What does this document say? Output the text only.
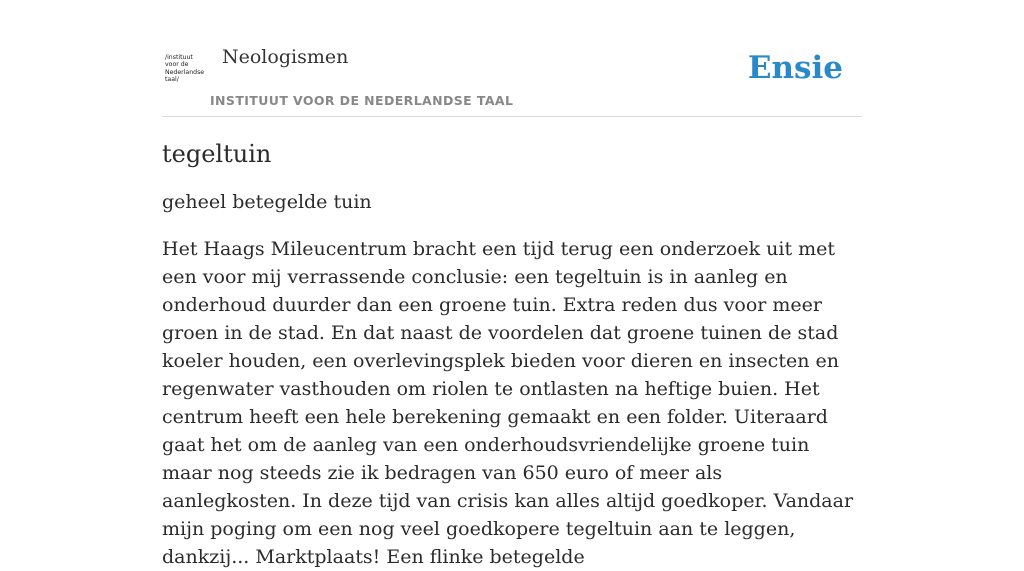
/instituut
voor de
Nederlandse
taal/
Neologismen
INSTITUUT VOOR DE NEDERLANDSE TAAL
Ensie
tegeltuin

geheel betegelde tuin

Het Haags Mileucentrum bracht een tijd terug een onderzoek uit met een voor mij verrassende conclusie: een tegeltuin is in aanleg en onderhoud duurder dan een groene tuin. Extra reden dus voor meer groen in de stad. En dat naast de voordelen dat groene tuinen de stad koeler houden, een overlevingsplek bieden voor dieren en insecten en regenwater vasthouden om riolen te ontlasten na heftige buien. Het centrum heeft een hele berekening gemaakt en een folder. Uiteraard gaat het om de aanleg van een onderhoudsvriendelijke groene tuin maar nog steeds zie ik bedragen van 650 euro of meer als aanlegkosten. In deze tijd van crisis kan alles altijd goedkoper. Vandaar mijn poging om een nog veel goedkopere tegeltuin aan te leggen, dankzij... Marktplaats! Een flinke betegelde
